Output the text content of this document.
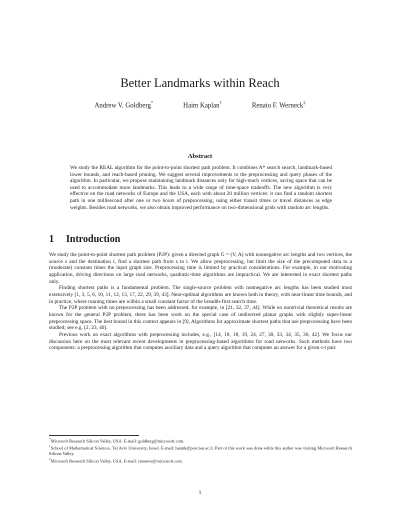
Better Landmarks within Reach
Andrew V. Goldberg*	Haim Kaplan†	Renato F. Werneck‡
Abstract
We study the REAL algorithm for the point-to-point shortest path problem. It combines A* search search, landmark-based lower bounds, and reach-based pruning. We suggest several improvements to the preprocessing and query phases of the algorithm. In particular, we propose maintaining landmark distances only for high-reach vertices, saving space that can be used to accommodate more landmarks. This leads to a wide range of time-space tradeoffs. The new algorithm is very effective on the road networks of Europe and the USA, each with about 20 million vertices: it can find a random shortest path in one millisecond after one or two hours of preprocessing, using either transit times or travel distances as edge weights. Besides road networks, we also obtain improved performance on two-dimensional grids with random arc lengths.
1 Introduction

We study the point-to-point shortest path problem (P2P): given a directed graph G = (V, A) with nonnegative arc lengths and two vertices, the source s and the destination t, find a shortest path from s to t. We allow preprocessing, but limit the size of the precomputed data to a (moderate) constant times the input graph size. Preprocessing time is limited by practical considerations. For example, in our motivating application, driving directions on large road networks, quadratic-time algorithms are impractical. We are interested in exact shortest paths only.

Finding shortest paths is a fundamental problem. The single-source problem with nonnegative arc lengths has been studied most extensively [1, 3, 5, 6, 10, 11, 12, 13, 17, 22, 29, 39, 43]. Near-optimal algorithms are known both in theory, with near-linear time bounds, and in practice, where running times are within a small constant factor of the breadth-first search time.

The P2P problem with no preprocessing has been addressed, for example, in [21, 32, 37, 44]. While no nontrivial theoretical results are known for the general P2P problem, there has been work on the special case of undirected planar graphs with slightly super-linear preprocessing space. The best bound in this context appears in [9]. Algorithms for approximate shortest paths that use preprocessing have been studied; see e.g. [2, 23, 40].

Previous work on exact algorithms with preprocessing includes, e.g., [14, 18, 18, 19, 24, 27, 30, 33, 34, 35, 36, 42]. We focus our discussion here on the most relevant recent developments in preprocessing-based algorithms for road networks. Such methods have two components: a preprocessing algorithm that computes auxiliary data and a query algorithm that computes an answer for a given s-t pair.

*Microsoft Research Silicon Valley, USA. E-mail: goldberg@microsoft.com.
†School of Mathematical Sciences, Tel Aviv University, Israel. E-mail: haimk@post.tau.ac.il. Part of this work was done while this author was visiting Microsoft Research Silicon Valley.
‡Microsoft Research Silicon Valley, USA. E-mail: renatow@microsoft.com.
1
